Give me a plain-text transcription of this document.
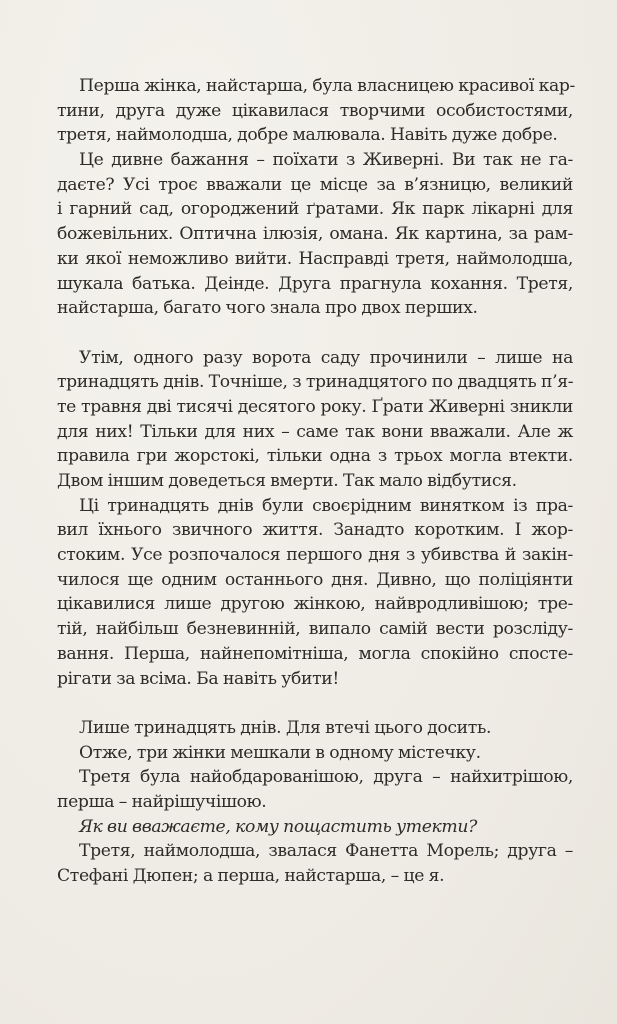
Перша жінка, найстарша, була власницею красивої кар-
тини, друга дуже цікавилася творчими особистостями,
третя, наймолодша, добре малювала. Навіть дуже добре.
Це дивне бажання – поїхати з Живерні. Ви так не га-
даєте? Усі троє вважали це місце за в’язницю, великий
і гарний сад, огороджений ґратами. Як парк лікарні для
божевільних. Оптична ілюзія, омана. Як картина, за рам-
ки якої неможливо вийти. Насправді третя, наймолодша,
шукала батька. Деінде. Друга прагнула кохання. Третя,
найстарша, багато чого знала про двох перших.
Утім, одного разу ворота саду прочинили – лише на
тринадцять днів. Точніше, з тринадцятого по двадцять п’я-
те травня дві тисячі десятого року. Ґрати Живерні зникли
для них! Тільки для них – саме так вони вважали. Але ж
правила гри жорстокі, тільки одна з трьох могла втекти.
Двом іншим доведеться вмерти. Так мало відбутися.
Ці тринадцять днів були своєрідним винятком із пра-
вил їхнього звичного життя. Занадто коротким. І жор-
стоким. Усе розпочалося першого дня з убивства й закін-
чилося ще одним останнього дня. Дивно, що поліціянти
цікавилися лише другою жінкою, найвродливішою; тре-
тій, найбільш безневинній, випало самій вести розсліду-
вання. Перша, найнепомітніша, могла спокійно спосте-
рігати за всіма. Ба навіть убити!
Лише тринадцять днів. Для втечі цього досить.
Отже, три жінки мешкали в одному містечку.
Третя була найобдарованішою, друга – найхитрішою,
перша – найрішучішою.
Як ви вважаєте, кому пощастить утекти?
Третя, наймолодша, звалася Фанетта Морель; друга –
Стефані Дюпен; а перша, найстарша, – це я.
